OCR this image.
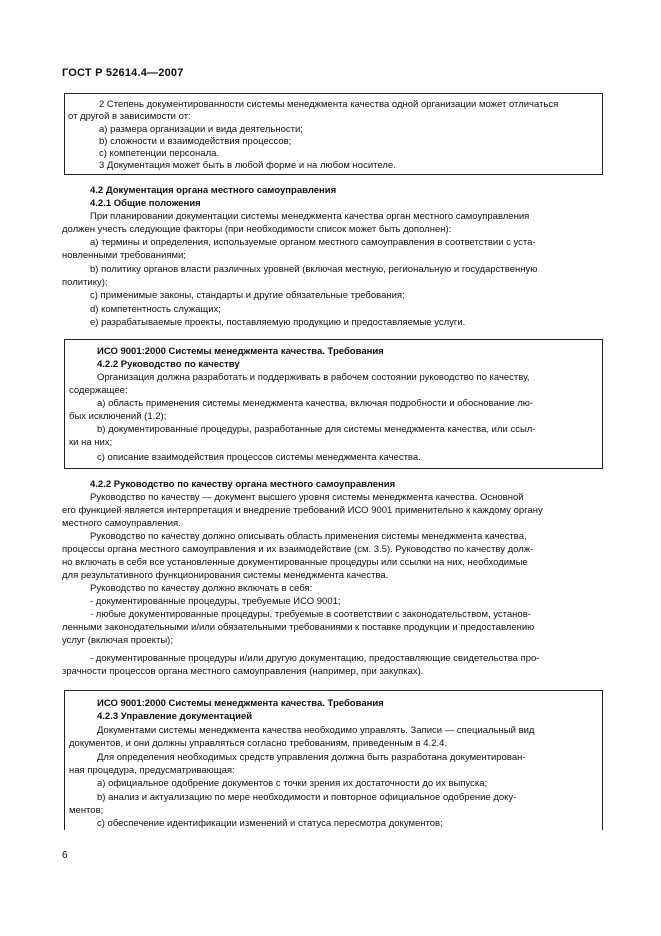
ГОСТ Р 52614.4—2007
2 Степень документированности системы менеджмента качества одной организации может отличаться
от другой в зависимости от:
а) размера организации и вида деятельности;
b) сложности и взаимодействия процессов;
c) компетенции персонала.
3 Документация может быть в любой форме и на любом носителе.
4.2 Документация органа местного самоуправления
4.2.1 Общие положения
При планировании документации системы менеджмента качества орган местного самоуправления
должен учесть следующие факторы (при необходимости список может быть дополнен):
а) термины и определения, используемые органом местного самоуправления в соответствии с уста-
новленными требованиями;
b) политику органов власти различных уровней (включая местную, региональную и государственную
политику);
c) применимые законы, стандарты и другие обязательные требования;
d) компетентность служащих;
e) разрабатываемые проекты, поставляемую продукцию и предоставляемые услуги.
ИСО 9001:2000 Системы менеджмента качества. Требования
4.2.2 Руководство по качеству
Организация должна разработать и поддерживать в рабочем состоянии руководство по качеству,
содержащее:
а) область применения системы менеджмента качества, включая подробности и обоснование лю-
бых исключений (1.2);
b) документированные процедуры, разработанные для системы менеджмента качества, или ссыл-
ки на них;
c) описание взаимодействия процессов системы менеджмента качества.
4.2.2 Руководство по качеству органа местного самоуправления
Руководство по качеству — документ высшего уровня системы менеджмента качества. Основной
его функцией является интерпретация и внедрение требований ИСО 9001 применительно к каждому органу
местного самоуправления.
Руководство по качеству должно описывать область применения системы менеджмента качества,
процессы органа местного самоуправления и их взаимодействие (см. 3.5). Руководство по качеству долж-
но включать в себя все установленные документированные процедуры или ссылки на них, необходимые
для результативного функционирования системы менеджмента качества.
Руководство по качеству должно включать в себя:
- документированные процедуры, требуемые ИСО 9001;
- любые документированные процедуры, требуемые в соответствии с законодательством, установ-
ленными законодательными и/или обязательными требованиями к поставке продукции и предоставлению
услуг (включая проекты);
- документированные процедуры и/или другую документацию, предоставляющие свидетельства про-
зрачности процессов органа местного самоуправления (например, при закупках).
ИСО 9001:2000 Системы менеджмента качества. Требования
4.2.3 Управление документацией
Документами системы менеджмента качества необходимо управлять. Записи — специальный вид
документов, и они должны управляться согласно требованиям, приведенным в 4.2.4.
Для определения необходимых средств управления должна быть разработана документирован-
ная процедура, предусматривающая:
а) официальное одобрение документов с точки зрения их достаточности до их выпуска;
b) анализ и актуализацию по мере необходимости и повторное официальное одобрение доку-
ментов;
c) обеспечение идентификации изменений и статуса пересмотра документов;
6
